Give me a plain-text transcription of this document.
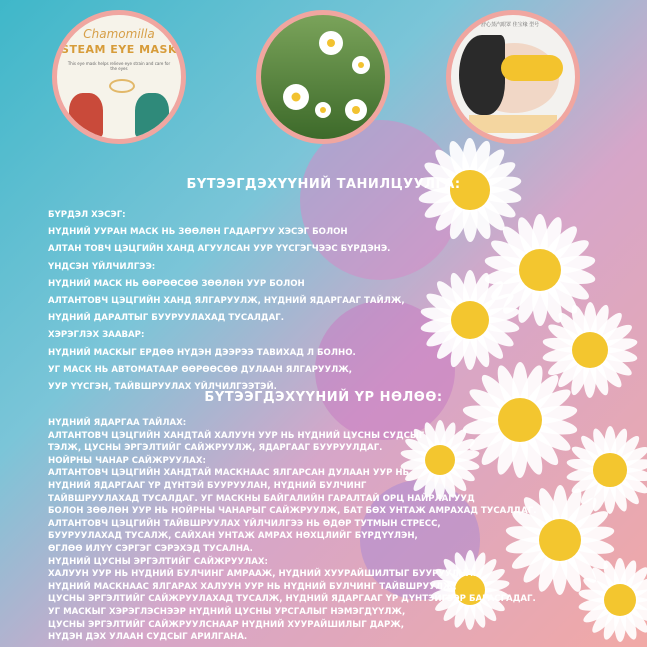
Chamomilla
STEAM EYE MASK
This eye mask helps relieve eye strain and care for the eyes
舒心蒸汽眼罩 佳宝缘 型号
БҮТЭЭГДЭХҮҮНИЙ ТАНИЛЦУУЛГА:
БҮРДЭЛ ХЭСЭГ:
НҮДНИЙ УУРАН МАСК НЬ ЗӨӨЛӨН ГАДАРГУУ ХЭСЭГ БОЛОН
АЛТАН ТОВЧ ЦЭЦГИЙН ХАНД АГУУЛСАН УУР ҮҮСГЭГЧЭЭС БҮРДЭНЭ.
ҮНДСЭН ҮЙЛЧИЛГЭЭ:
НҮДНИЙ МАСК НЬ ӨӨРӨӨСӨӨ ЗӨӨЛӨН УУР БОЛОН
АЛТАНТОВЧ ЦЭЦГИЙН ХАНД ЯЛГАРУУЛЖ, НҮДНИЙ ЯДАРГААГ ТАЙЛЖ,
НҮДНИЙ ДАРАЛТЫГ БУУРУУЛАХАД ТУСАЛДАГ.
ХЭРЭГЛЭХ ЗААВАР:
НҮДНИЙ МАСКЫГ ЕРДӨӨ НҮДЭН ДЭЭРЭЭ ТАВИХАД Л БОЛНО.
УГ МАСК НЬ АВТОМАТААР ӨӨРӨӨСӨӨ ДУЛААН ЯЛГАРУУЛЖ,
УУР ҮҮСГЭН, ТАЙВШРУУЛАХ ҮЙЛЧИЛГЭЭТЭЙ.
БҮТЭЭГДЭХҮҮНИЙ ҮР НӨЛӨӨ:
НҮДНИЙ ЯДАРГАА ТАЙЛАХ:
АЛТАНТОВЧ ЦЭЦГИЙН ХАНДТАЙ ХАЛУУН УУР НЬ НҮДНИЙ ЦУСНЫ СУДСЫГ
ТЭЛЖ, ЦУСНЫ ЭРГЭЛТИЙГ САЙЖРУУЛЖ, ЯДАРГААГ БУУРУУЛДАГ.
НОЙРНЫ ЧАНАР САЙЖРУУЛАХ:
АЛТАНТОВЧ ЦЭЦГИЙН ХАНДТАЙ МАСКНААС ЯЛГАРСАН ДУЛААН УУР НЬ
НҮДНИЙ ЯДАРГААГ ҮР ДҮНТЭЙ БУУРУУЛАН, НҮДНИЙ БУЛЧИНГ
ТАЙВШРУУЛАХАД ТУСАЛДАГ. УГ МАСКНЫ БАЙГАЛИЙН ГАРАЛТАЙ ОРЦ НАЙРЛАГУУД
БОЛОН ЗӨӨЛӨН УУР НЬ НОЙРНЫ ЧАНАРЫГ САЙЖРУУЛЖ, БАТ БӨХ УНТАЖ АМРАХАД ТУСАЛДАГ.
АЛТАНТОВЧ ЦЭЦГИЙН ТАЙВШРУУЛАХ ҮЙЛЧИЛГЭЭ НЬ ӨДӨР ТУТМЫН СТРЕСС,
БУУРУУЛАХАД ТУСАЛЖ, САЙХАН УНТАЖ АМРАХ НӨХЦЛИЙГ БҮРДҮҮЛЭН,
ӨГЛӨӨ ИЛҮҮ СЭРГЭГ СЭРЭХЭД ТУСАЛНА.
НҮДНИЙ ЦУСНЫ ЭРГЭЛТИЙГ САЙЖРУУЛАХ:
ХАЛУУН УУР НЬ НҮДНИЙ БУЛЧИНГ АМРААЖ, НҮДНИЙ ХУУРАЙШИЛТЫГ БУУРУУЛНА.
НҮДНИЙ МАСКНААС ЯЛГАРАХ ХАЛУУН УУР НЬ НҮДНИЙ БУЛЧИНГ ТАЙВШРУУЛЖ,
ЦУСНЫ ЭРГЭЛТИЙГ САЙЖРУУЛАХАД ТУСАЛЖ, НҮДНИЙ ЯДАРГААГ ҮР ДҮНТЭЙГЭЭР БАГАСГАДАГ.
УГ МАСКЫГ ХЭРЭГЛЭСНЭЭР НҮДНИЙ ЦУСНЫ УРСГАЛЫГ НЭМЭГДҮҮЛЖ,
ЦУСНЫ ЭРГЭЛТИЙГ САЙЖРУУЛСНААР НҮДНИЙ ХУУРАЙШИЛЫГ ДАРЖ,
НҮДЭН ДЭХ УЛААН СУДСЫГ АРИЛГАНА.
